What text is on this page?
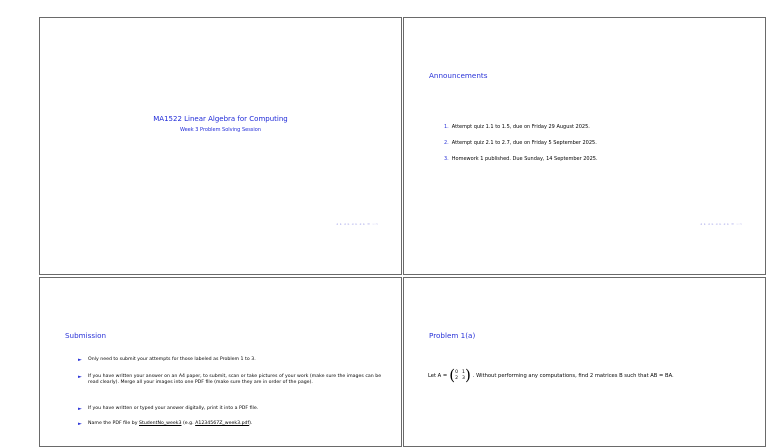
MA1522 Linear Algebra for Computing
Week 3 Problem Solving Session
◂ ▸ ◂ ▸ ◂ ▸ ◂ ▸ ≡ ∽∾
Announcements
1. Attempt quiz 1.1 to 1.5, due on Friday 29 August 2025.
2. Attempt quiz 2.1 to 2.7, due on Friday 5 September 2025.
3. Homework 1 published. Due Sunday, 14 September 2025.
◂ ▸ ◂ ▸ ◂ ▸ ◂ ▸ ≡ ∽∾
Submission
► Only need to submit your attempts for those labeled as Problem 1 to 3.
► If you have written your answer on an A4 paper, to submit, scan or take pictures of your work (make sure the images can be read clearly). Merge all your images into one PDF file (make sure they are in order of the page).
► If you have written or typed your answer digitally, print it into a PDF file.
► Name the PDF file by StudentNo_week3 (e.g. A1234567Z_week3.pdf).
Problem 1(a)
Let A = ( 0 1
2 3 ) . Without performing any computations, find 2 matrices B such that AB = BA.
